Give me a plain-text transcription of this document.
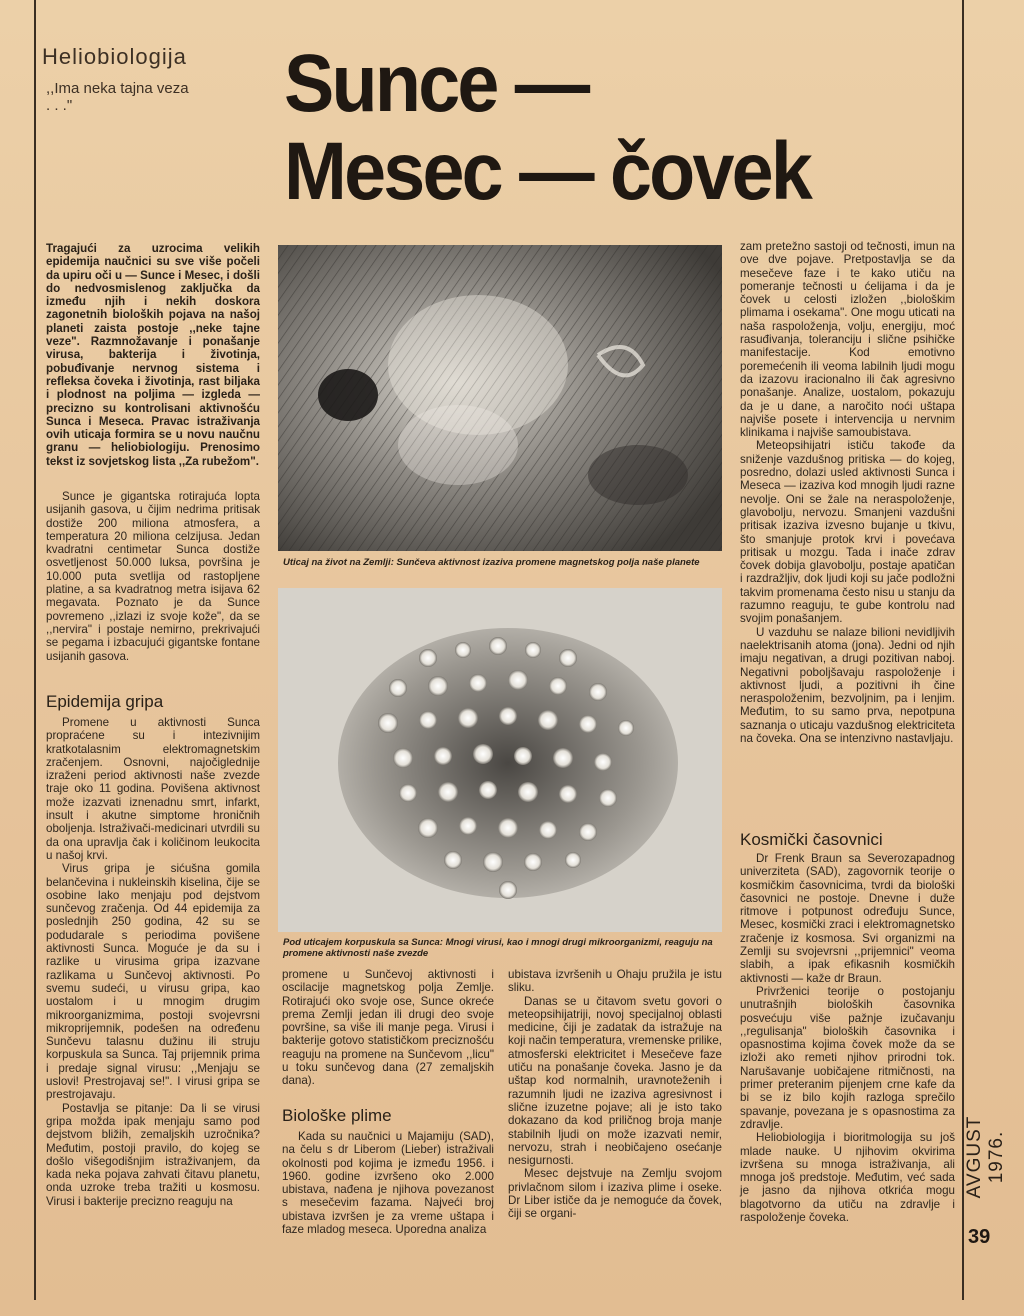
Heliobiologija
,,Ima neka tajna veza . . ."	Sunce —
Mesec — čovek
Tragajući za uzrocima velikih epidemija naučnici su sve više počeli da upiru oči u — Sunce i Mesec, i došli do nedvosmislenog zaključka da između njih i nekih doskora zagonetnih bioloških pojava na našoj planeti zaista postoje ,,neke tajne veze". Razmnožavanje i ponašanje virusa, bakterija i životinja, pobuđivanje nervnog sistema i refleksa čoveka i životinja, rast biljaka i plodnost na poljima — izgleda — precizno su kontrolisani aktivnošću Sunca i Meseca. Pravac istraživanja ovih uticaja formira se u novu naučnu granu — heliobiologiju. Prenosimo tekst iz sovjetskog lista ,,Za rubežom".

Sunce je gigantska rotirajuća lopta usijanih gasova, u čijim nedrima pritisak dostiže 200 miliona atmosfera, a temperatura 20 miliona celzijusa. Jedan kvadratni centimetar Sunca dostiže osvetljenost 50.000 luksa, površina je 10.000 puta svetlija od rastopljene platine, a sa kvadratnog metra isijava 62 megavata. Poznato je da Sunce povremeno ,,izlazi iz svoje kože", da se ,,nervira" i postaje nemirno, prekrivajući se pegama i izbacujući gigantske fontane usijanih gasova.

Epidemija gripa

Promene u aktivnosti Sunca propraćene su i intezivnijim kratkotalasnim elektromagnetskim zračenjem. Osnovni, najočiglednije izraženi period aktivnosti naše zvezde traje oko 11 godina. Povišena aktivnost može izazvati iznenadnu smrt, infarkt, insult i akutne simptome hroničnih oboljenja. Istraživači-medicinari utvrdili su da ona upravlja čak i količinom leukocita u našoj krvi.

Virus gripa je sićušna gomila belančevina i nukleinskih kiselina, čije se osobine lako menjaju pod dejstvom sunčevog zračenja. Od 44 epidemija za poslednjih 250 godina, 42 su se podudarale s periodima povišene aktivnosti Sunca. Moguće je da su i razlike u virusima gripa izazvane razlikama u Sunčevoj aktivnosti. Po svemu sudeći, u virusu gripa, kao uostalom i u mnogim drugim mikroorganizmima, postoji svojevrsni mikroprijemnik, podešen na određenu Sunčevu talasnu dužinu ili struju korpuskula sa Sunca. Taj prijemnik prima i predaje signal virusu: ,,Menjaju se uslovi! Prestrojavaj se!". I virusi gripa se prestrojavaju.

Postavlja se pitanje: Da li se virusi gripa možda ipak menjaju samo pod dejstvom bližih, zemaljskih uzročnika? Međutim, postoji pravilo, do kojeg se došlo višegodišnjim istraživanjem, da kada neka pojava zahvati čitavu planetu, onda uzroke treba tražiti u kosmosu. Virusi i bakterije precizno reaguju na

Uticaj na život na Zemlji: Sunčeva aktivnost izaziva promene magnetskog polja naše planete
Pod uticajem korpuskula sa Sunca: Mnogi virusi, kao i mnogi drugi mikroorganizmi, reaguju na promene aktivnosti naše zvezde

promene u Sunčevoj aktivnosti i oscilacije magnetskog polja Zemlje. Rotirajući oko svoje ose, Sunce okreće prema Zemlji jedan ili drugi deo svoje površine, sa više ili manje pega. Virusi i bakterije gotovo statističkom preciznošću reaguju na promene na Sunčevom ,,licu" u toku sunčevog dana (27 zemaljskih dana).

Biološke plime

Kada su naučnici u Majamiju (SAD), na čelu s dr Liberom (Lieber) istraživali okolnosti pod kojima je između 1956. i 1960. godine izvršeno oko 2.000 ubistava, nađena je njihova povezanost s mesečevim fazama. Najveći broj ubistava izvršen je za vreme uštapa i faze mladog meseca. Uporedna analiza

ubistava izvršenih u Ohaju pružila je istu sliku.

Danas se u čitavom svetu govori o meteopsihijatriji, novoj specijalnoj oblasti medicine, čiji je zadatak da istražuje na koji način temperatura, vremenske prilike, atmosferski elektricitet i Mesečeve faze utiču na ponašanje čoveka. Jasno je da uštap kod normalnih, uravnoteženih i razumnih ljudi ne izaziva agresivnost i slične izuzetne pojave; ali je isto tako dokazano da kod priličnog broja manje stabilnih ljudi on može izazvati nemir, nervozu, strah i neobičajeno osećanje nesigurnosti.

Mesec dejstvuje na Zemlju svojom privlačnom silom i izaziva plime i oseke. Dr Liber ističe da je nemoguće da čovek, čiji se organi-

zam pretežno sastoji od tečnosti, imun na ove dve pojave. Pretpostavlja se da mesečeve faze i te kako utiču na pomeranje tečnosti u ćelijama i da je čovek u celosti izložen ,,biološkim plimama i osekama". One mogu uticati na naša raspoloženja, volju, energiju, moć rasuđivanja, toleranciju i slične psihičke manifestacije. Kod emotivno poremećenih ili veoma labilnih ljudi mogu da izazovu iracionalno ili čak agresivno ponašanje. Analize, uostalom, pokazuju da je u dane, a naročito noći uštapa najviše posete i intervencija u nervnim klinikama i najviše samoubistava.

Meteopsihijatri ističu takođe da sniženje vazdušnog pritiska — do kojeg, posredno, dolazi usled aktivnosti Sunca i Meseca — izaziva kod mnogih ljudi razne nevolje. Oni se žale na neraspoloženje, glavobolju, nervozu. Smanjeni vazdušni pritisak izaziva izvesno bujanje u tkivu, što smanjuje protok krvi i povećava pritisak u mozgu. Tada i inače zdrav čovek dobija glavobolju, postaje apatičan i razdražljiv, dok ljudi koji su jače podložni takvim promenama često nisu u stanju da razumno reaguju, te gube kontrolu nad svojim ponašanjem.

U vazduhu se nalaze bilioni nevidljivih naelektrisanih atoma (jona). Jedni od njih imaju negativan, a drugi pozitivan naboj. Negativni poboljšavaju raspoloženje i aktivnost ljudi, a pozitivni ih čine neraspoloženim, bezvoljnim, pa i lenjim. Međutim, to su samo prva, nepotpuna saznanja o uticaju vazdušnog elektriciteta na čoveka. Ona se intenzivno nastavljaju.

Kosmički časovnici

Dr Frenk Braun sa Severozapadnog univerziteta (SAD), zagovornik teorije o kosmičkim časovnicima, tvrdi da biološki časovnici ne postoje. Dnevne i duže ritmove i potpunost određuju Sunce, Mesec, kosmički zraci i elektromagnetsko zračenje iz kosmosa. Svi organizmi na Zemlji su svojevrsni ,,prijemnici" veoma slabih, a ipak efikasnih kosmičkih aktivnosti — kaže dr Braun.

Privrženici teorije o postojanju unutrašnjih bioloških časovnika posvećuju više pažnje izučavanju ,,regulisanja" bioloških časovnika i opasnostima kojima čovek može da se izloži ako remeti njihov prirodni tok. Narušavanje uobičajene ritmičnosti, na primer preteranim pijenjem crne kafe da bi se iz bilo kojih razloga sprečilo spavanje, povezana je s opasnostima za zdravlje.

Heliobiologija i bioritmologija su još mlade nauke. U njihovim okvirima izvršena su mnoga istraživanja, ali mnoga još predstoje. Međutim, već sada je jasno da njihova otkrića mogu blagotvorno da utiču na zdravlje i raspoloženje čoveka.

AVGUST 1976.
39
